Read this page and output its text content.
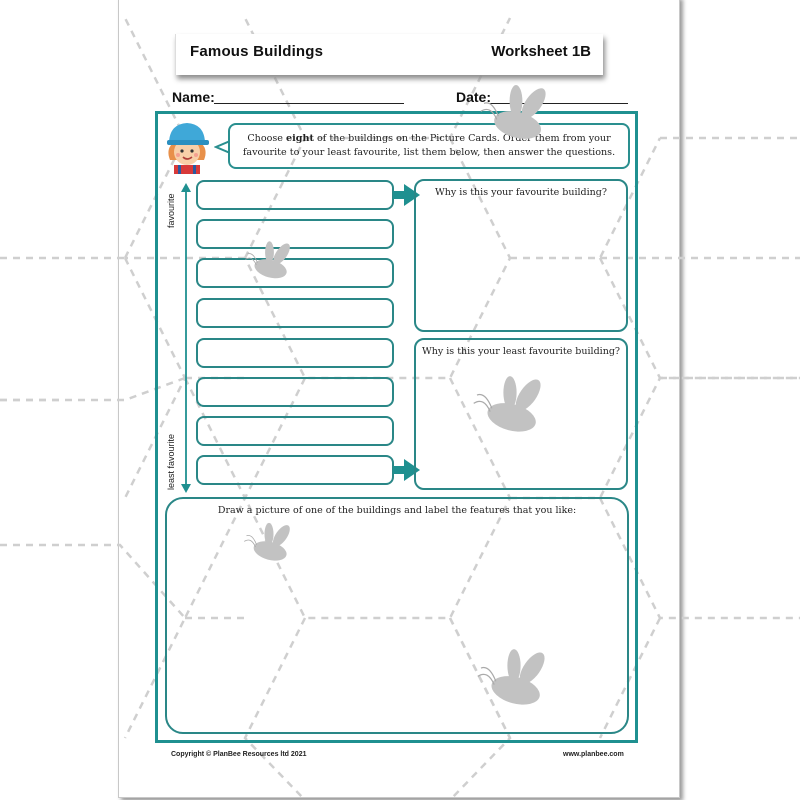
Famous Buildings	Worksheet 1B
Name:	Date:
Choose eight of the buildings on the Picture Cards. Order them from your favourite to your least favourite, list them below, then answer the questions.
favourite
least favourite
Why is this your favourite building?
Why is this your least favourite building?
Draw a picture of one of the buildings and label the features that you like:
Copyright © PlanBee Resources ltd 2021	www.planbee.com
